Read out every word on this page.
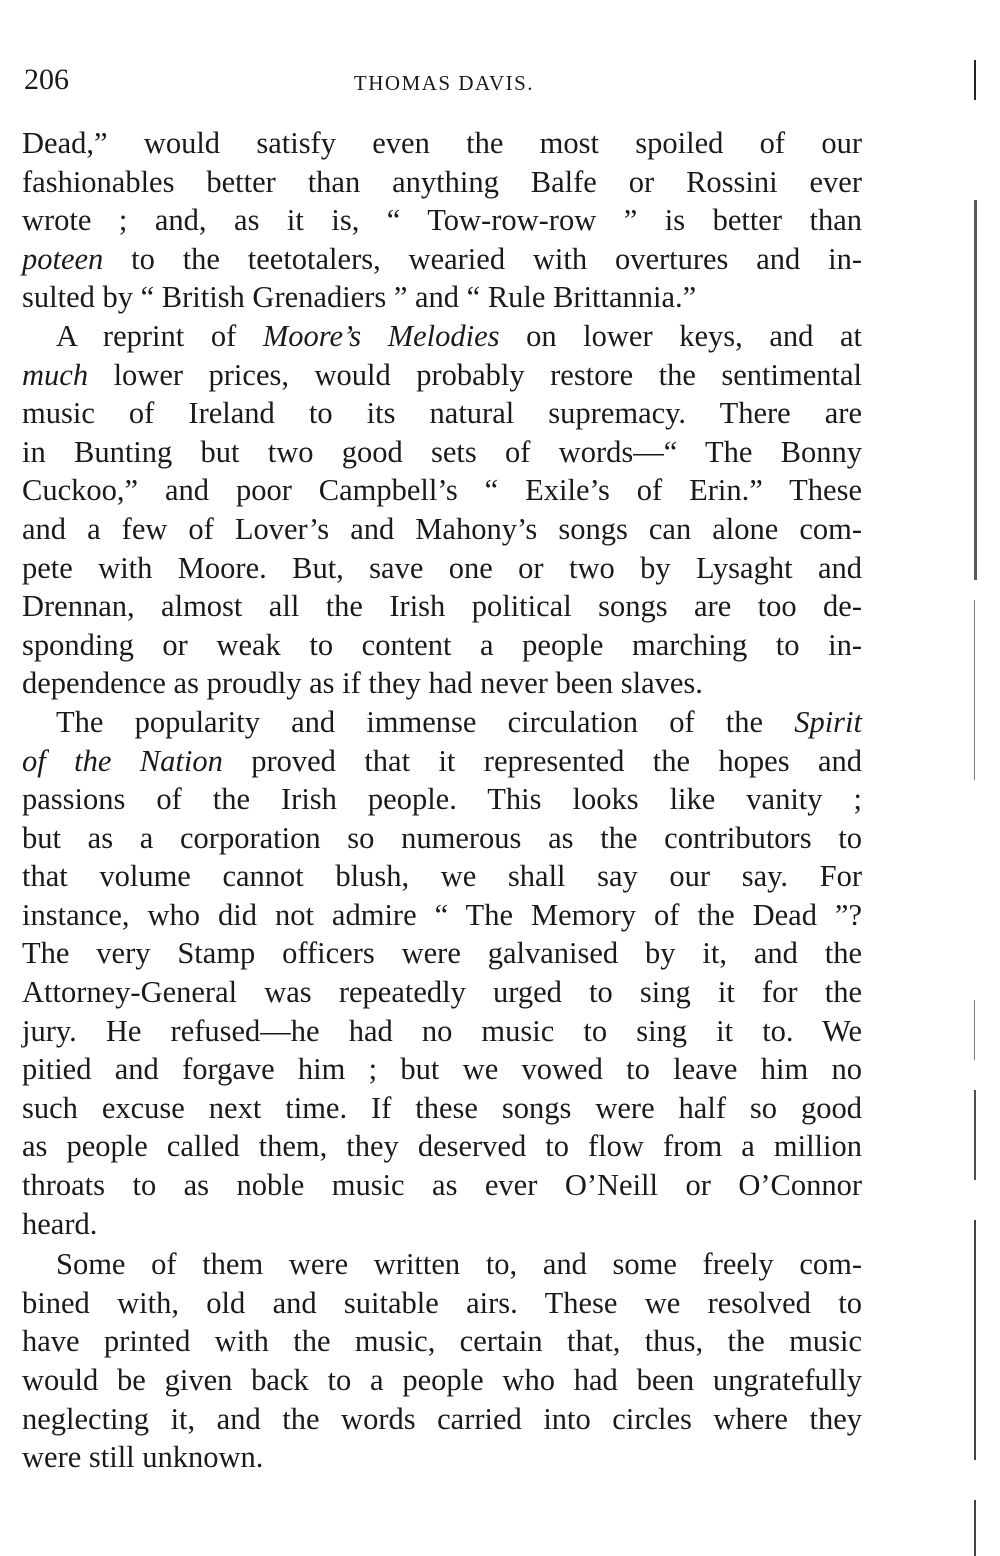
206	THOMAS DAVIS.

Dead,” would satisfy even the most spoiled of our
fashionables better than anything Balfe or Rossini ever
wrote ; and, as it is, “ Tow-row-row ” is better than
poteen to the teetotalers, wearied with overtures and in-
sulted by “ British Grenadiers ” and “ Rule Brittannia.”

A reprint of Moore’s Melodies on lower keys, and at
much lower prices, would probably restore the sentimental
music of Ireland to its natural supremacy. There are
in Bunting but two good sets of words—“ The Bonny
Cuckoo,” and poor Campbell’s “ Exile’s of Erin.” These
and a few of Lover’s and Mahony’s songs can alone com-
pete with Moore. But, save one or two by Lysaght and
Drennan, almost all the Irish political songs are too de-
sponding or weak to content a people marching to in-
dependence as proudly as if they had never been slaves.

The popularity and immense circulation of the Spirit
of the Nation proved that it represented the hopes and
passions of the Irish people. This looks like vanity ;
but as a corporation so numerous as the contributors to
that volume cannot blush, we shall say our say. For
instance, who did not admire “ The Memory of the Dead ”?
The very Stamp officers were galvanised by it, and the
Attorney-General was repeatedly urged to sing it for the
jury. He refused—he had no music to sing it to. We
pitied and forgave him ; but we vowed to leave him no
such excuse next time. If these songs were half so good
as people called them, they deserved to flow from a million
throats to as noble music as ever O’Neill or O’Connor
heard.

Some of them were written to, and some freely com-
bined with, old and suitable airs. These we resolved to
have printed with the music, certain that, thus, the music
would be given back to a people who had been ungratefully
neglecting it, and the words carried into circles where they
were still unknown.
